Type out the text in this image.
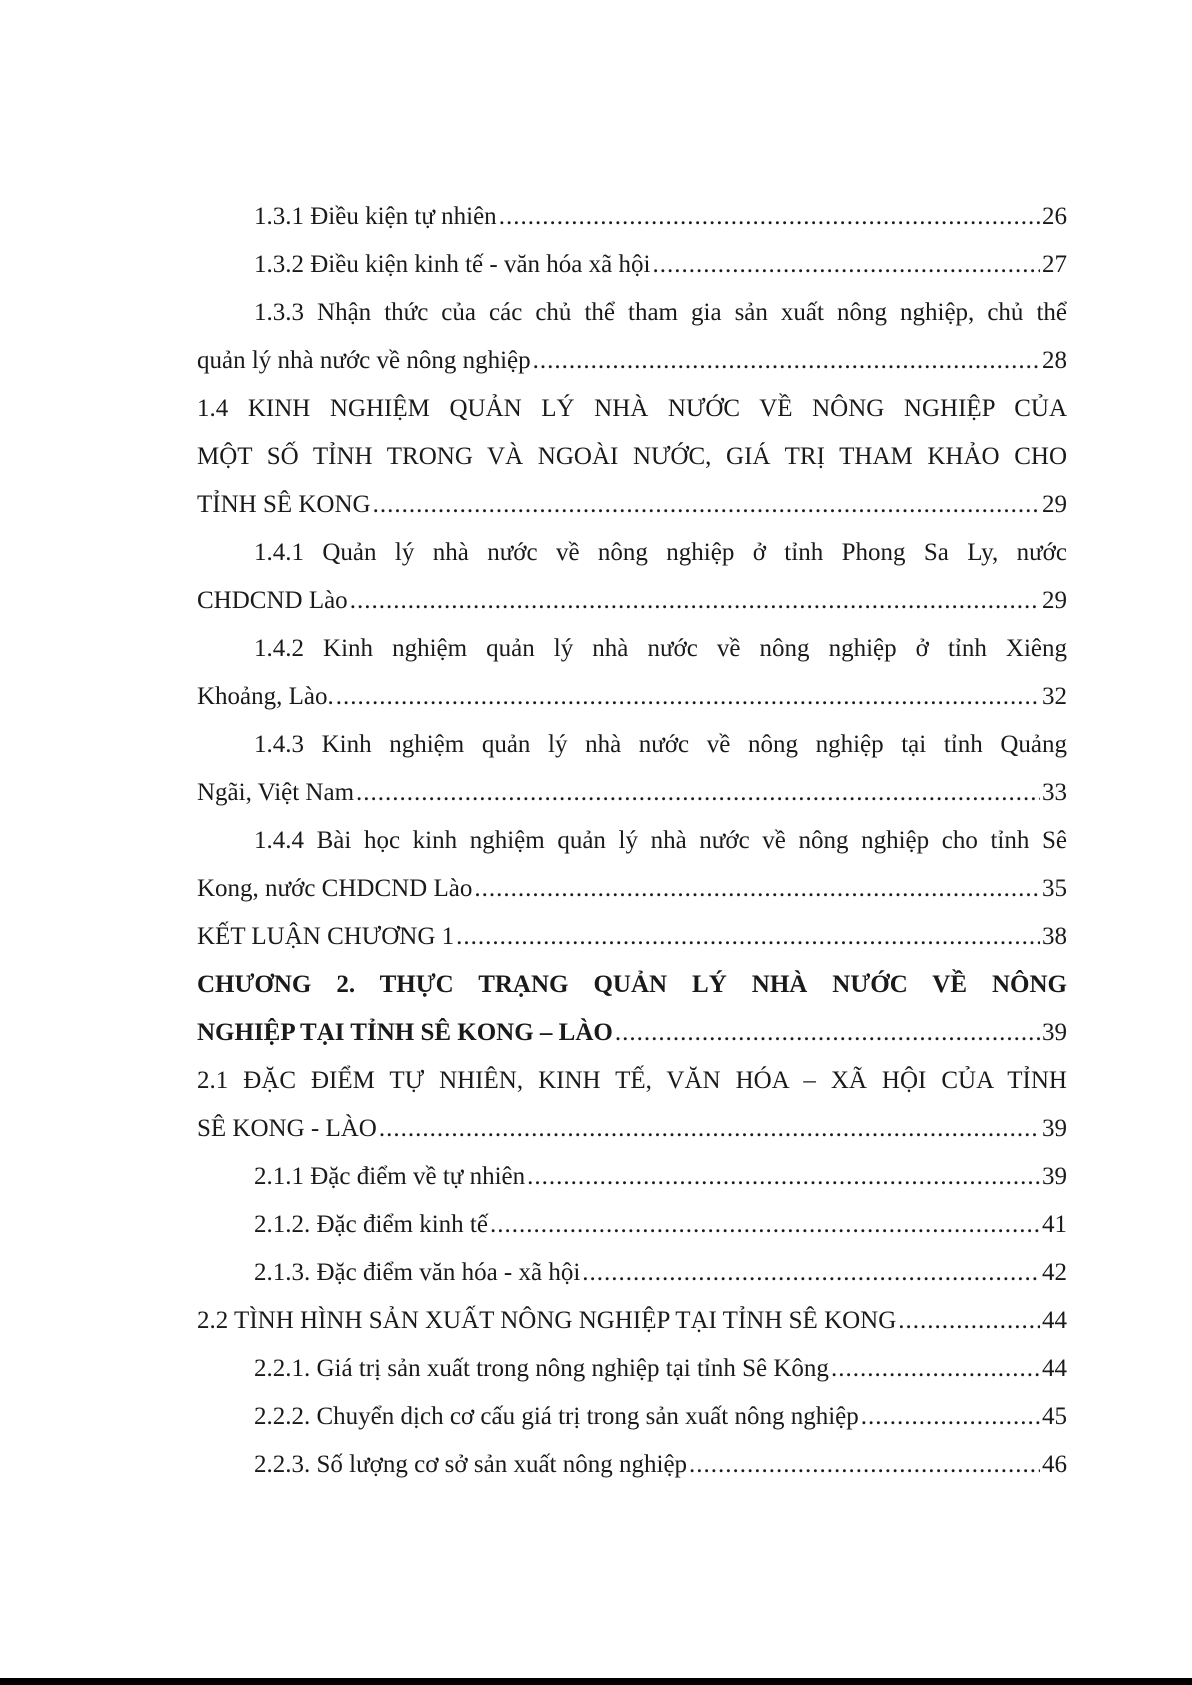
1.3.1 Điều kiện tự nhiên .....	26
1.3.2 Điều kiện kinh tế - văn hóa xã hội .....	27
1.3.3 Nhận thức của các chủ thể tham gia sản xuất nông nghiệp, chủ thể
quản lý nhà nước về nông nghiệp .....	28
1.4 KINH NGHIỆM QUẢN LÝ NHÀ NƯỚC VỀ NÔNG NGHIỆP CỦA
MỘT SỐ TỈNH TRONG VÀ NGOÀI NƯỚC, GIÁ TRỊ THAM KHẢO CHO
TỈNH SÊ KONG .....	29
1.4.1 Quản lý nhà nước về nông nghiệp ở tỉnh Phong Sa Ly, nước
CHDCND Lào .....	29
1.4.2 Kinh nghiệm quản lý nhà nước về nông nghiệp ở tỉnh Xiêng
Khoảng, Lào. .....	32
1.4.3 Kinh nghiệm quản lý nhà nước về nông nghiệp tại tỉnh Quảng
Ngãi, Việt Nam .....	33
1.4.4 Bài học kinh nghiệm quản lý nhà nước về nông nghiệp cho tỉnh Sê
Kong, nước CHDCND Lào .....	35
KẾT LUẬN CHƯƠNG 1 .....	38
CHƯƠNG 2. THỰC TRẠNG QUẢN LÝ NHÀ NƯỚC VỀ NÔNG
NGHIỆP TẠI TỈNH SÊ KONG – LÀO .....	39
2.1 ĐẶC ĐIỂM TỰ NHIÊN, KINH TẾ, VĂN HÓA – XÃ HỘI CỦA TỈNH
SÊ KONG - LÀO .....	39
2.1.1 Đặc điểm về tự nhiên .....	39
2.1.2. Đặc điểm kinh tế .....	41
2.1.3. Đặc điểm văn hóa - xã hội .....	42
2.2 TÌNH HÌNH SẢN XUẤT NÔNG NGHIỆP TẠI TỈNH SÊ KONG .....	44
2.2.1. Giá trị sản xuất trong nông nghiệp tại tỉnh Sê Kông .....	44
2.2.2. Chuyển dịch cơ cấu giá trị trong sản xuất nông nghiệp .....	45
2.2.3. Số lượng cơ sở sản xuất nông nghiệp .....	46
